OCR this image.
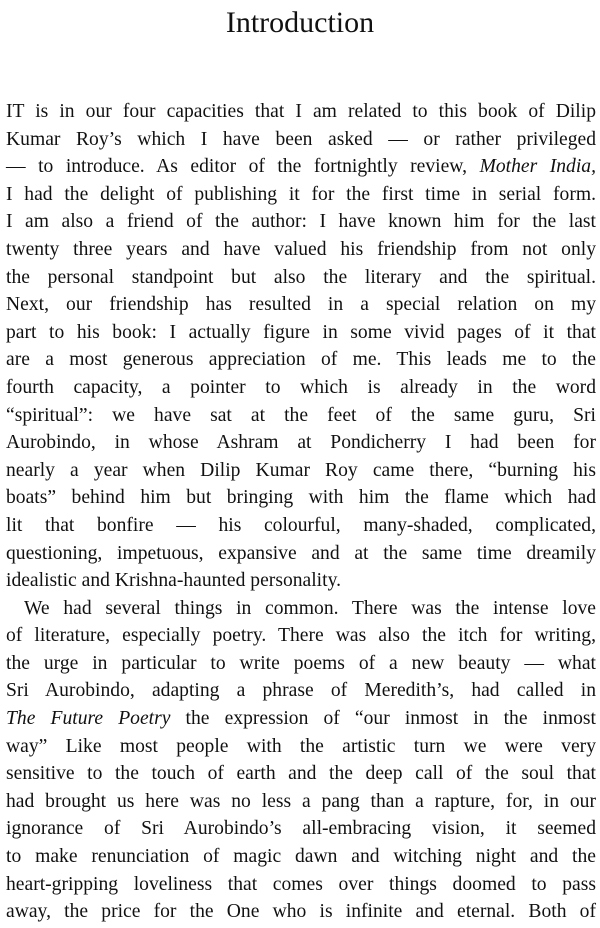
Introduction

IT is in our four capacities that I am related to this book of Dilip
Kumar Roy’s which I have been asked — or rather privileged
— to introduce. As editor of the fortnightly review, Mother India,
I had the delight of publishing it for the first time in serial form.
I am also a friend of the author: I have known him for the last
twenty three years and have valued his friendship from not only
the personal standpoint but also the literary and the spiritual.
Next, our friendship has resulted in a special relation on my
part to his book: I actually figure in some vivid pages of it that
are a most generous appreciation of me. This leads me to the
fourth capacity, a pointer to which is already in the word
“spiritual”: we have sat at the feet of the same guru, Sri
Aurobindo, in whose Ashram at Pondicherry I had been for
nearly a year when Dilip Kumar Roy came there, “burning his
boats” behind him but bringing with him the flame which had
lit that bonfire — his colourful, many-shaded, complicated,
questioning, impetuous, expansive and at the same time dreamily
idealistic and Krishna-haunted personality.

We had several things in common. There was the intense love
of literature, especially poetry. There was also the itch for writing,
the urge in particular to write poems of a new beauty — what
Sri Aurobindo, adapting a phrase of Meredith’s, had called in
The Future Poetry the expression of “our inmost in the inmost
way” Like most people with the artistic turn we were very
sensitive to the touch of earth and the deep call of the soul that
had brought us here was no less a pang than a rapture, for, in our
ignorance of Sri Aurobindo’s all-embracing vision, it seemed
to make renunciation of magic dawn and witching night and the
heart-gripping loveliness that comes over things doomed to pass
away, the price for the One who is infinite and eternal. Both of
